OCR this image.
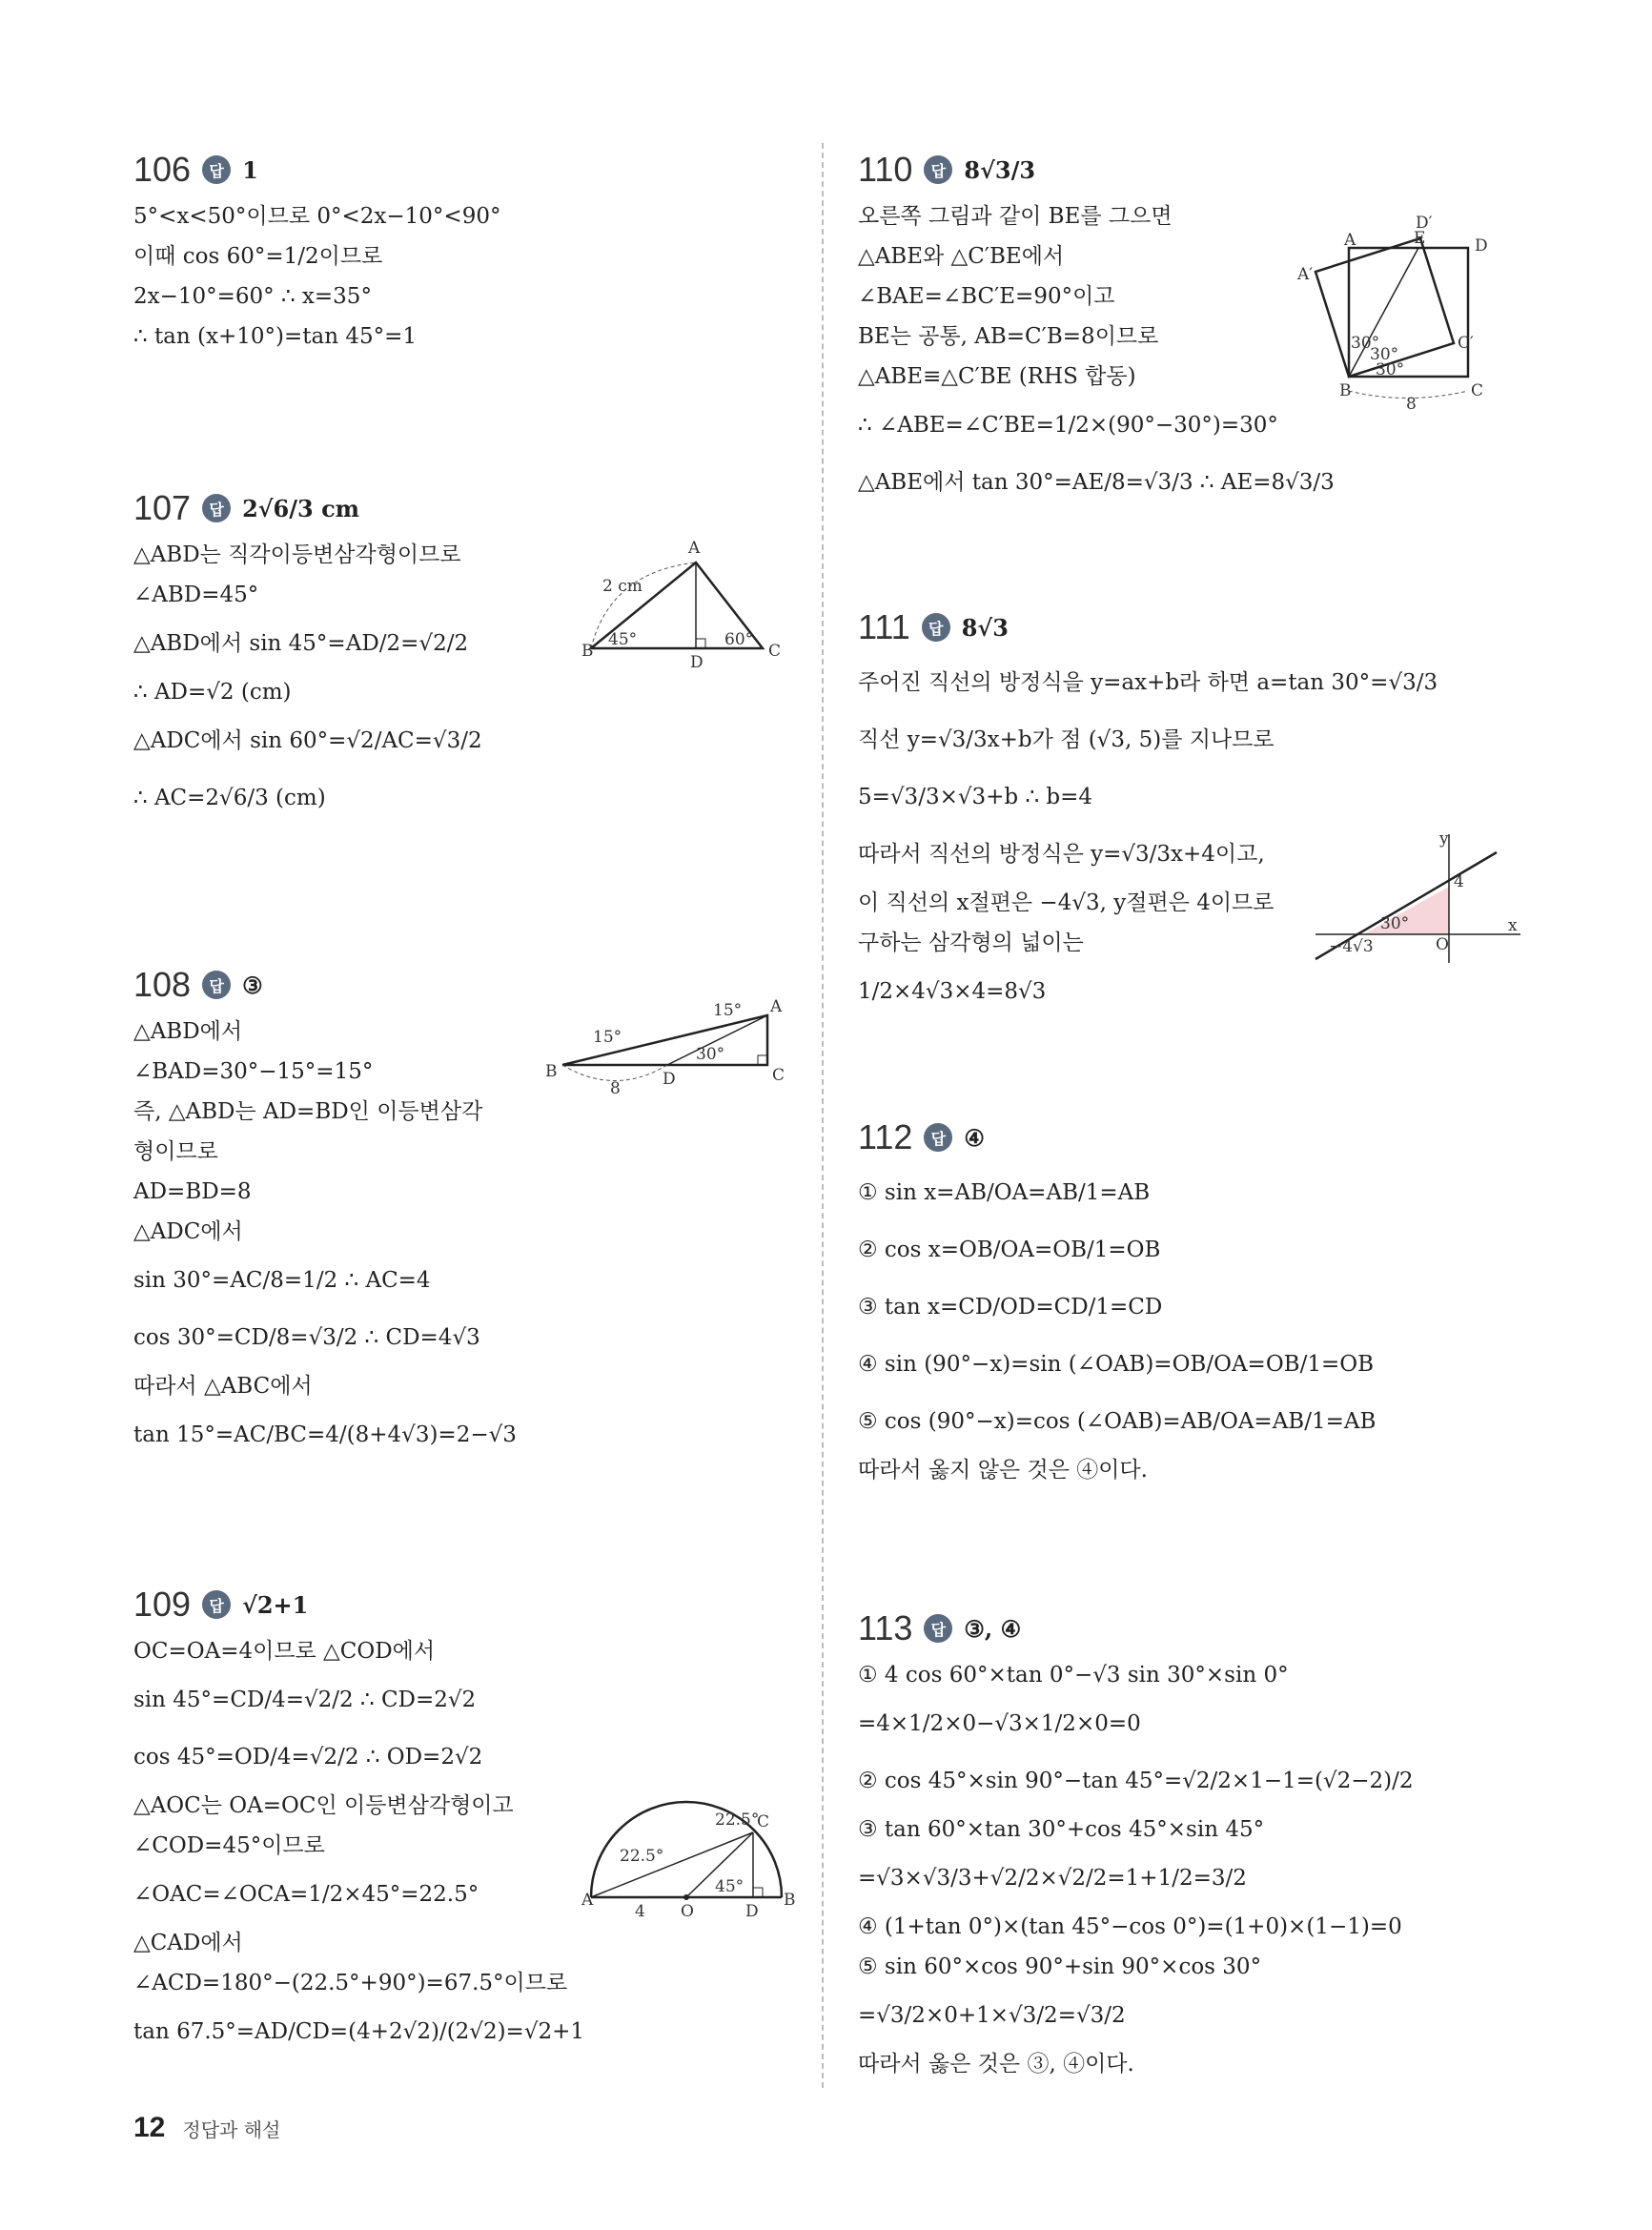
106	답 1
5°<x<50°이므로 0°<2x−10°<90°
이때 cos 60°=1/2이므로
2x−10°=60° ∴ x=35°
∴ tan (x+10°)=tan 45°=1
107	답 2√6/3 cm
△ABD는 직각이등변삼각형이므로
∠ABD=45°
△ABD에서 sin 45°=AD/2=√2/2
∴ AD=√2 (cm)
△ADC에서 sin 60°=√2/AC=√3/2
∴ AC=2√6/3 (cm)
A
B	C
D
2 cm
45°	60°
108	답 ③
△ABD에서
∠BAD=30°−15°=15°
즉, △ABD는 AD=BD인 이등변삼각
형이므로
AD=BD=8
△ADC에서
sin 30°=AC/8=1/2 ∴ AC=4
cos 30°=CD/8=√3/2 ∴ CD=4√3
따라서 △ABC에서
tan 15°=AC/BC=4/(8+4√3)=2−√3
A
B	C
D
15°
15°
30°
8
109	답 √2+1
OC=OA=4이므로 △COD에서
sin 45°=CD/4=√2/2 ∴ CD=2√2
cos 45°=OD/4=√2/2 ∴ OD=2√2
△AOC는 OA=OC인 이등변삼각형이고
∠COD=45°이므로
∠OAC=∠OCA=1/2×45°=22.5°
△CAD에서
∠ACD=180°−(22.5°+90°)=67.5°이므로
tan 67.5°=AD/CD=(4+2√2)/(2√2)=√2+1
A	B
C
D
O
22.5°
22.5°
45°
4
110	답 8√3/3
오른쪽 그림과 같이 BE를 그으면
△ABE와 △C′BE에서
∠BAE=∠BC′E=90°이고
BE는 공통, AB=C′B=8이므로
△ABE≡△C′BE (RHS 합동)
∴ ∠ABE=∠C′BE=1/2×(90°−30°)=30°
△ABE에서 tan 30°=AE/8=√3/3 ∴ AE=8√3/3
A
A′
B	C
C′
D
D′
E
30°
30°
30°
8
111	답 8√3
주어진 직선의 방정식을 y=ax+b라 하면 a=tan 30°=√3/3
직선 y=√3/3x+b가 점 (√3, 5)를 지나므로
5=√3/3×√3+b ∴ b=4
따라서 직선의 방정식은 y=√3/3x+4이고,
이 직선의 x절편은 −4√3, y절편은 4이므로
구하는 삼각형의 넓이는
1/2×4√3×4=8√3
y
x
O
4
−4√3
30°
112	답 ④
① sin x=AB/OA=AB/1=AB
② cos x=OB/OA=OB/1=OB
③ tan x=CD/OD=CD/1=CD
④ sin (90°−x)=sin (∠OAB)=OB/OA=OB/1=OB
⑤ cos (90°−x)=cos (∠OAB)=AB/OA=AB/1=AB
따라서 옳지 않은 것은 ④이다.
113	답 ③, ④
① 4 cos 60°×tan 0°−√3 sin 30°×sin 0°
=4×1/2×0−√3×1/2×0=0
② cos 45°×sin 90°−tan 45°=√2/2×1−1=(√2−2)/2
③ tan 60°×tan 30°+cos 45°×sin 45°
=√3×√3/3+√2/2×√2/2=1+1/2=3/2
④ (1+tan 0°)×(tan 45°−cos 0°)=(1+0)×(1−1)=0
⑤ sin 60°×cos 90°+sin 90°×cos 30°
=√3/2×0+1×√3/2=√3/2
따라서 옳은 것은 ③, ④이다.
12 정답과 해설
